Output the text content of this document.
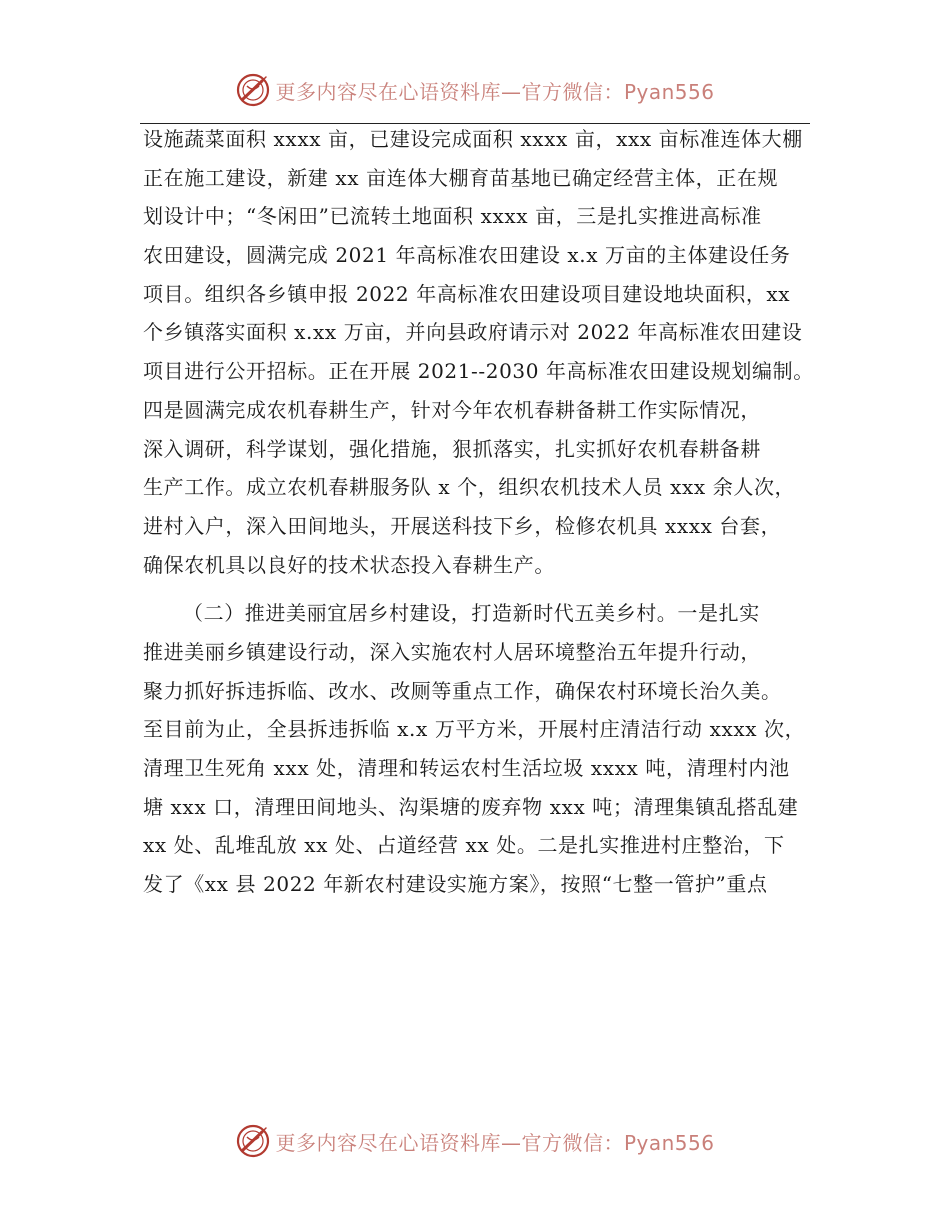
更多内容尽在心语资料库—官方微信：Pyan556
设施蔬菜面积 xxxx 亩，已建设完成面积 xxxx 亩，xxx 亩标准连体大棚
正在施工建设，新建 xx 亩连体大棚育苗基地已确定经营主体，正在规
划设计中；“冬闲田”已流转土地面积 xxxx 亩，三是扎实推进高标准
农田建设，圆满完成 2021 年高标准农田建设 x.x 万亩的主体建设任务
项目。组织各乡镇申报 2022 年高标准农田建设项目建设地块面积，xx
个乡镇落实面积 x.xx 万亩，并向县政府请示对 2022 年高标准农田建设
项目进行公开招标。正在开展 2021--2030 年高标准农田建设规划编制。
四是圆满完成农机春耕生产，针对今年农机春耕备耕工作实际情况，
深入调研，科学谋划，强化措施，狠抓落实，扎实抓好农机春耕备耕
生产工作。成立农机春耕服务队 x 个，组织农机技术人员 xxx 余人次，
进村入户，深入田间地头，开展送科技下乡，检修农机具 xxxx 台套，
确保农机具以良好的技术状态投入春耕生产。
（二）推进美丽宜居乡村建设，打造新时代五美乡村。一是扎实
推进美丽乡镇建设行动，深入实施农村人居环境整治五年提升行动，
聚力抓好拆违拆临、改水、改厕等重点工作，确保农村环境长治久美。
至目前为止，全县拆违拆临 x.x 万平方米，开展村庄清洁行动 xxxx 次，
清理卫生死角 xxx 处，清理和转运农村生活垃圾 xxxx 吨，清理村内池
塘 xxx 口，清理田间地头、沟渠塘的废弃物 xxx 吨；清理集镇乱搭乱建
xx 处、乱堆乱放 xx 处、占道经营 xx 处。二是扎实推进村庄整治，下
发了《xx 县 2022 年新农村建设实施方案》，按照“七整一管护”重点
更多内容尽在心语资料库—官方微信：Pyan556
